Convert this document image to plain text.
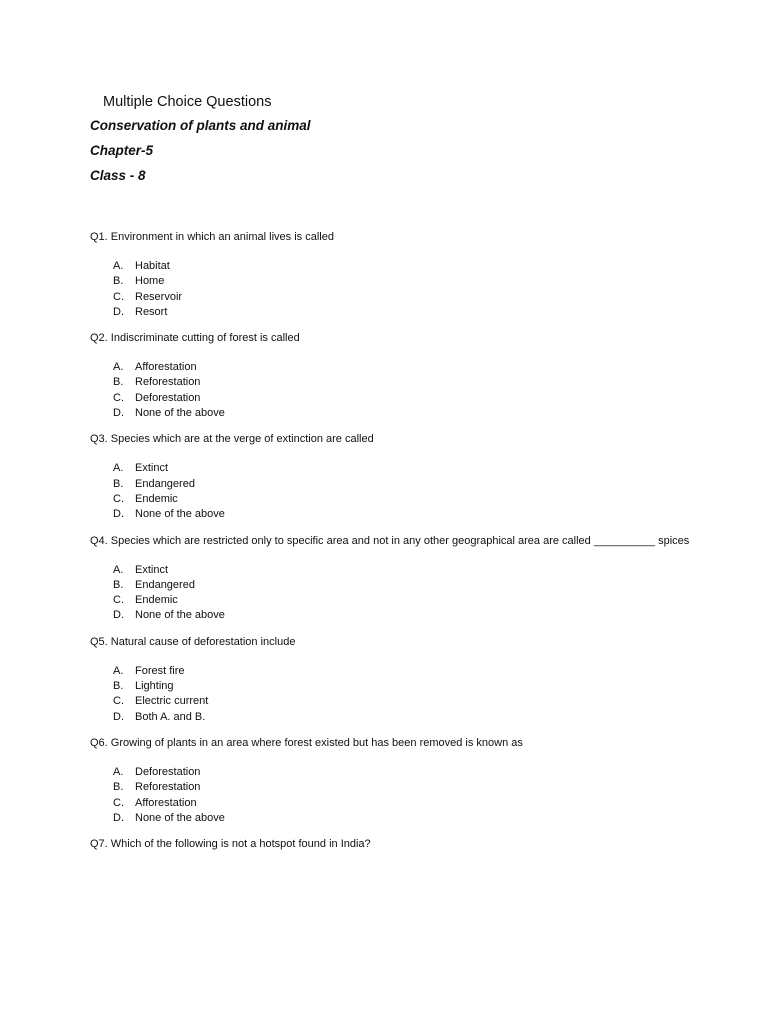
Multiple Choice Questions
Conservation of plants and animal
Chapter-5
Class - 8
Q1. Environment in which an animal lives is called
A. Habitat
B. Home
C. Reservoir
D. Resort
Q2. Indiscriminate cutting of forest is called
A. Afforestation
B. Reforestation
C. Deforestation
D. None of the above
Q3. Species which are at the verge of extinction are called
A. Extinct
B. Endangered
C. Endemic
D. None of the above
Q4. Species which are restricted only to specific area and not in any other geographical area are called __________ spices
A. Extinct
B. Endangered
C. Endemic
D. None of the above
Q5. Natural cause of deforestation include
A. Forest fire
B. Lighting
C. Electric current
D. Both A. and B.
Q6. Growing of plants in an area where forest existed but has been removed is known as
A. Deforestation
B. Reforestation
C. Afforestation
D. None of the above
Q7. Which of the following is not a hotspot found in India?
